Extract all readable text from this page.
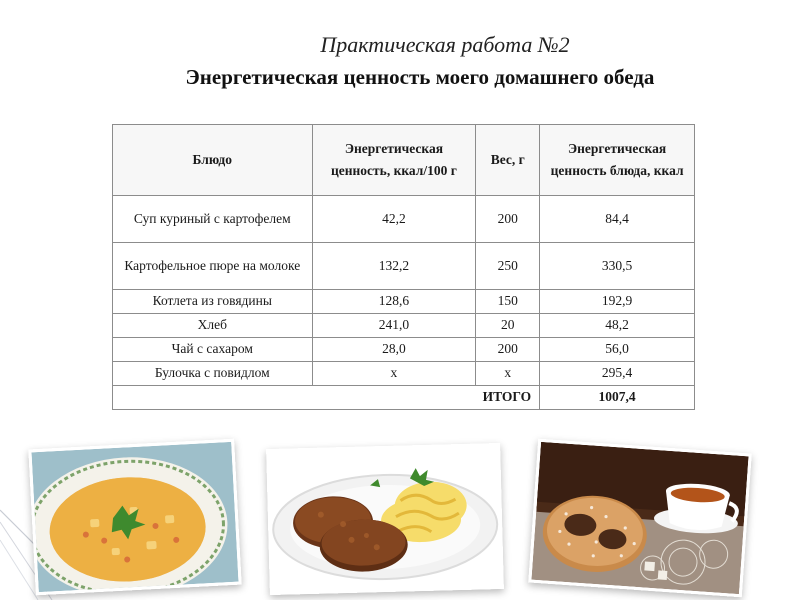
Практическая работа №2
Энергетическая ценность моего домашнего обеда
Блюдо	Энергетическая ценность, ккал/100 г	Вес, г	Энергетическая ценность блюда, ккал
Суп куриный с картофелем	42,2	200	84,4
Картофельное пюре на молоке	132,2	250	330,5
Котлета из говядины	128,6	150	192,9
Хлеб	241,0	20	48,2
Чай с сахаром	28,0	200	56,0
Булочка с повидлом	х	х	295,4
ИТОГО			1007,4
